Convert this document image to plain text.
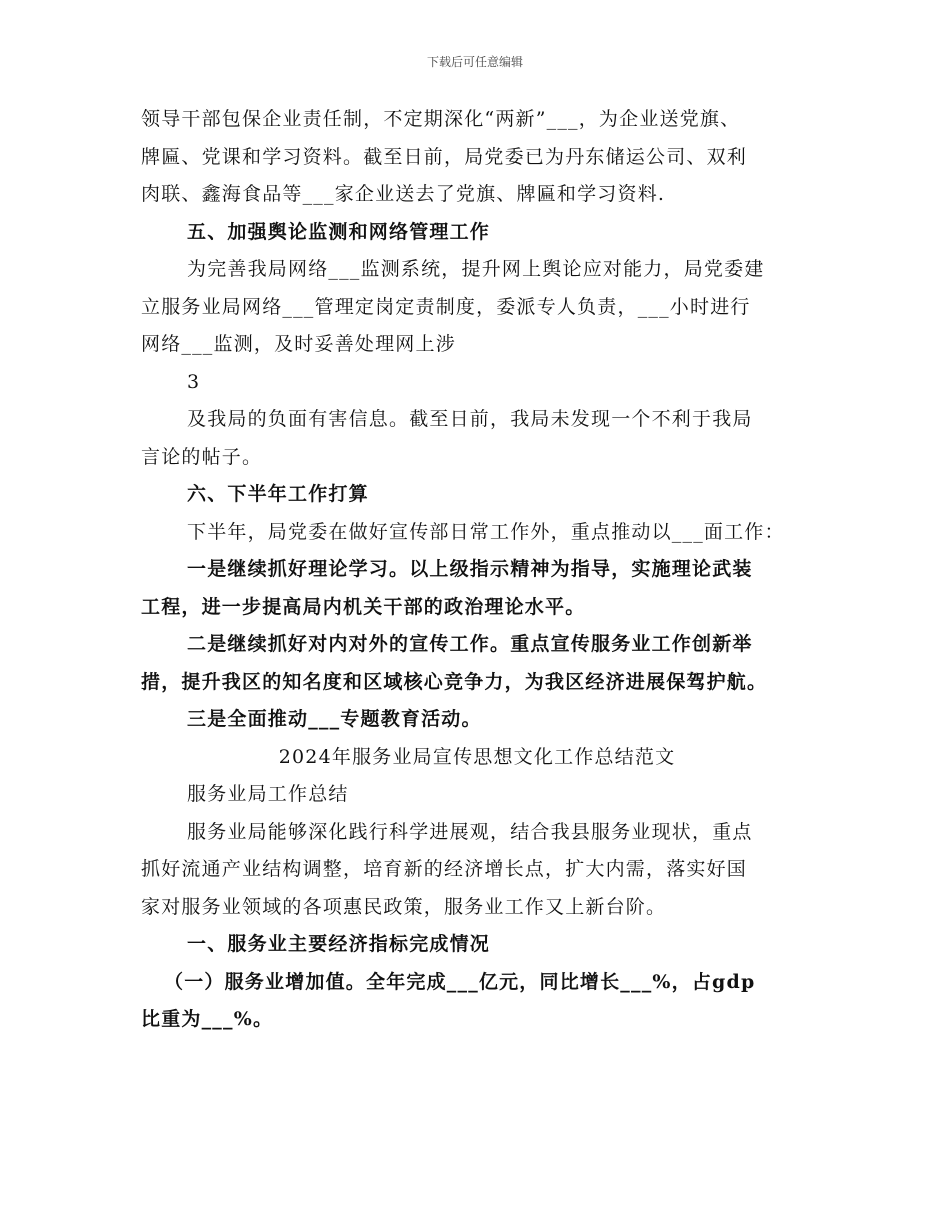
下载后可任意编辑

领导干部包保企业责任制，不定期深化“两新”___，为企业送党旗、

牌匾、党课和学习资料。截至日前，局党委已为丹东储运公司、双利

肉联、鑫海食品等___家企业送去了党旗、牌匾和学习资料.

五、加强舆论监测和网络管理工作

为完善我局网络___监测系统，提升网上舆论应对能力，局党委建

立服务业局网络___管理定岗定责制度，委派专人负责，___小时进行

网络___监测，及时妥善处理网上涉

3

及我局的负面有害信息。截至日前，我局未发现一个不利于我局

言论的帖子。

六、下半年工作打算

下半年，局党委在做好宣传部日常工作外，重点推动以___面工作：

一是继续抓好理论学习。以上级指示精神为指导，实施理论武装

工程，进一步提高局内机关干部的政治理论水平。

二是继续抓好对内对外的宣传工作。重点宣传服务业工作创新举

措，提升我区的知名度和区域核心竞争力，为我区经济进展保驾护航。

三是全面推动___专题教育活动。

2024年服务业局宣传思想文化工作总结范文

服务业局工作总结

服务业局能够深化践行科学进展观，结合我县服务业现状，重点

抓好流通产业结构调整，培育新的经济增长点，扩大内需，落实好国

家对服务业领域的各项惠民政策，服务业工作又上新台阶。

一、服务业主要经济指标完成情况

（一）服务业增加值。全年完成___亿元，同比增长___%，占gdp

比重为___%。
